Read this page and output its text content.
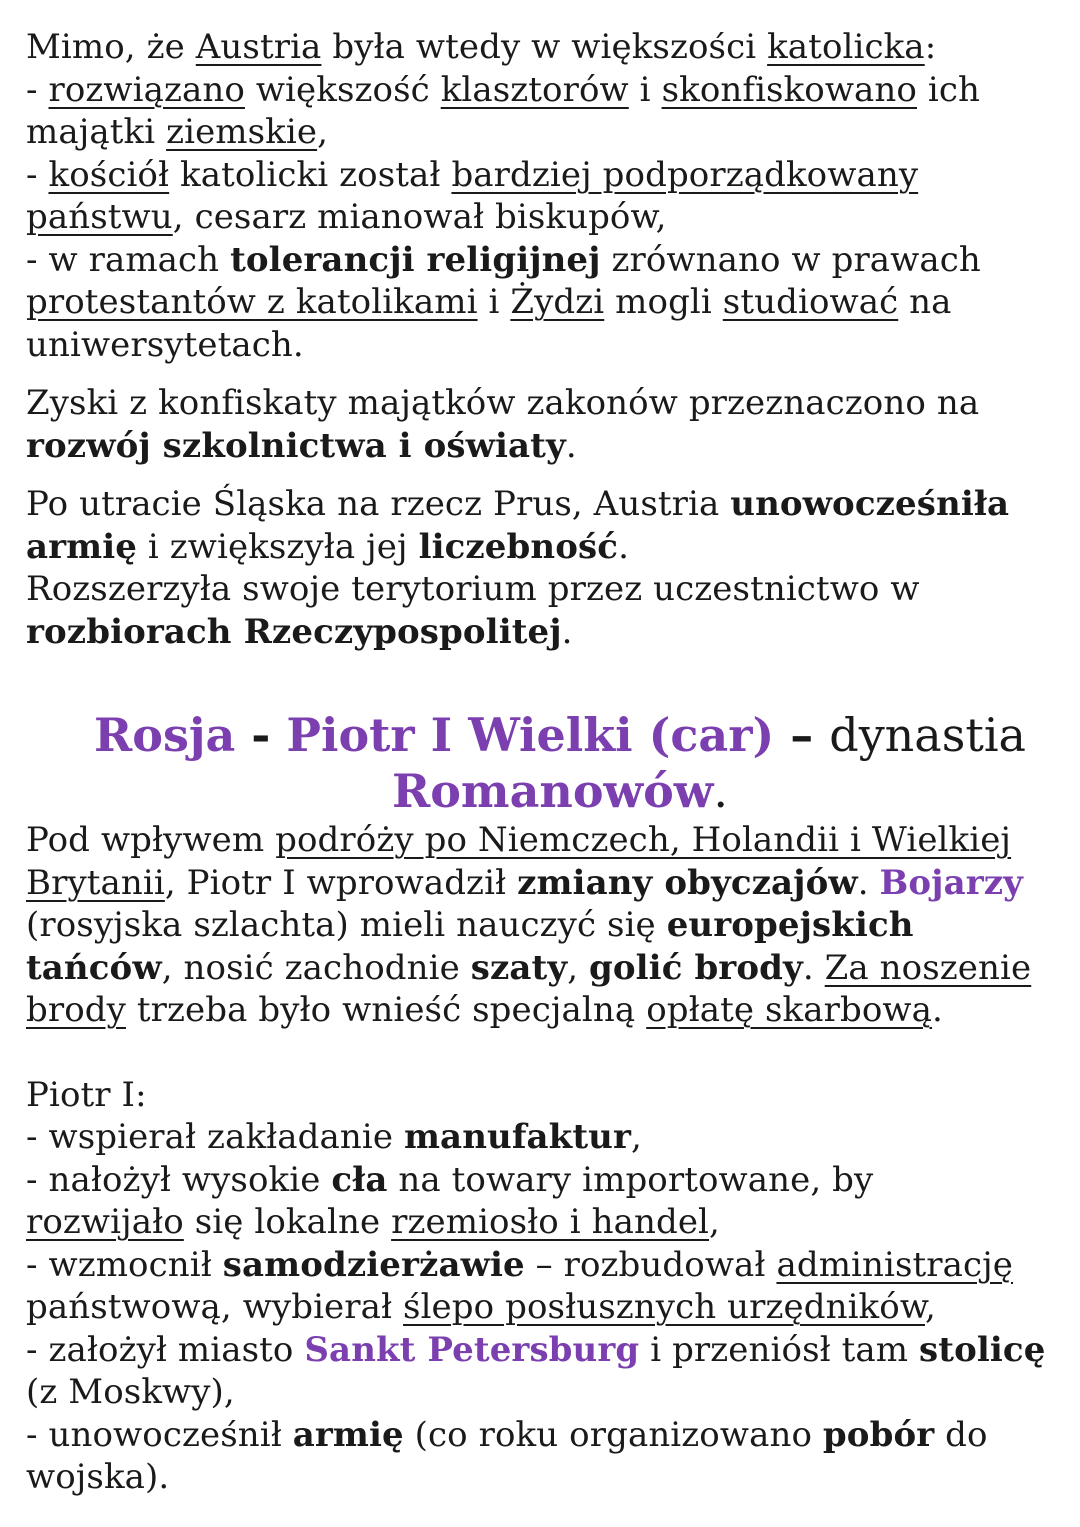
Mimo, że Austria była wtedy w większości katolicka:
- rozwiązano większość klasztorów i skonfiskowano ich
majątki ziemskie,
- kościół katolicki został bardziej podporządkowany
państwu, cesarz mianował biskupów,
- w ramach tolerancji religijnej zrównano w prawach
protestantów z katolikami i Żydzi mogli studiować na
uniwersytetach.
Zyski z konfiskaty majątków zakonów przeznaczono na
rozwój szkolnictwa i oświaty.
Po utracie Śląska na rzecz Prus, Austria unowocześniła
armię i zwiększyła jej liczebność.
Rozszerzyła swoje terytorium przez uczestnictwo w
rozbiorach Rzeczypospolitej.
Rosja - Piotr I Wielki (car) – dynastia
Romanowów.
Pod wpływem podróży po Niemczech, Holandii i Wielkiej
Brytanii, Piotr I wprowadził zmiany obyczajów. Bojarzy
(rosyjska szlachta) mieli nauczyć się europejskich
tańców, nosić zachodnie szaty, golić brody. Za noszenie
brody trzeba było wnieść specjalną opłatę skarbową.
Piotr I:
- wspierał zakładanie manufaktur,
- nałożył wysokie cła na towary importowane, by
rozwijało się lokalne rzemiosło i handel,
- wzmocnił samodzierżawie – rozbudował administrację
państwową, wybierał ślepo posłusznych urzędników,
- założył miasto Sankt Petersburg i przeniósł tam stolicę
(z Moskwy),
- unowocześnił armię (co roku organizowano pobór do
wojska).
